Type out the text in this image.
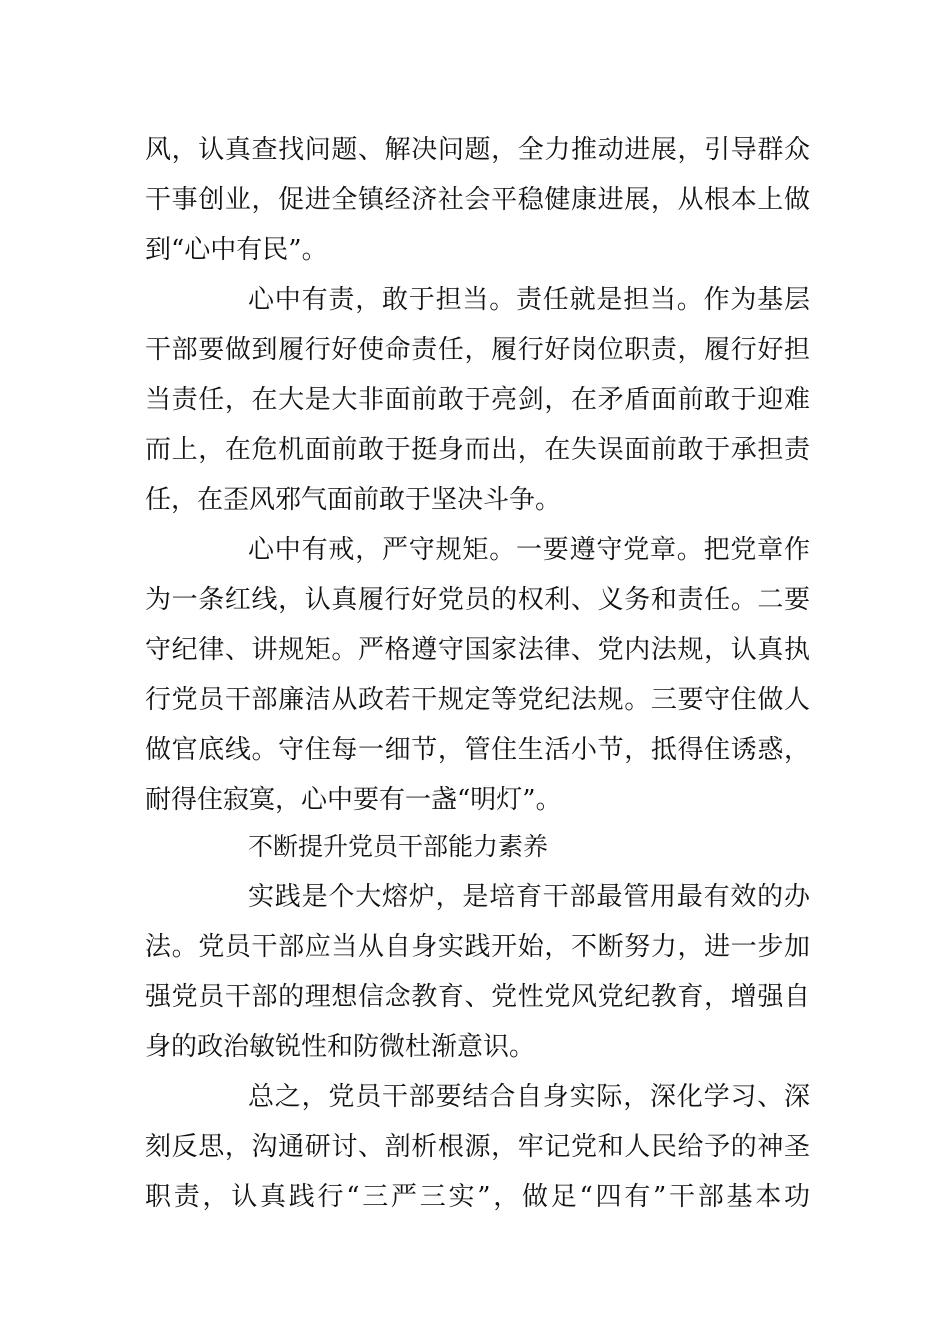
风，认真查找问题、解决问题，全力推动进展，引导群众
干事创业，促进全镇经济社会平稳健康进展，从根本上做
到“心中有民”。
心中有责，敢于担当。责任就是担当。作为基层
干部要做到履行好使命责任，履行好岗位职责，履行好担
当责任，在大是大非面前敢于亮剑，在矛盾面前敢于迎难
而上，在危机面前敢于挺身而出，在失误面前敢于承担责
任，在歪风邪气面前敢于坚决斗争。
心中有戒，严守规矩。一要遵守党章。把党章作
为一条红线，认真履行好党员的权利、义务和责任。二要
守纪律、讲规矩。严格遵守国家法律、党内法规，认真执
行党员干部廉洁从政若干规定等党纪法规。三要守住做人
做官底线。守住每一细节，管住生活小节，抵得住诱惑，
耐得住寂寞，心中要有一盏“明灯”。
不断提升党员干部能力素养
实践是个大熔炉，是培育干部最管用最有效的办
法。党员干部应当从自身实践开始，不断努力，进一步加
强党员干部的理想信念教育、党性党风党纪教育，增强自
身的政治敏锐性和防微杜渐意识。
总之，党员干部要结合自身实际，深化学习、深
刻反思，沟通研讨、剖析根源，牢记党和人民给予的神圣
职责，认真践行“三严三实”，做足“四有”干部基本功
